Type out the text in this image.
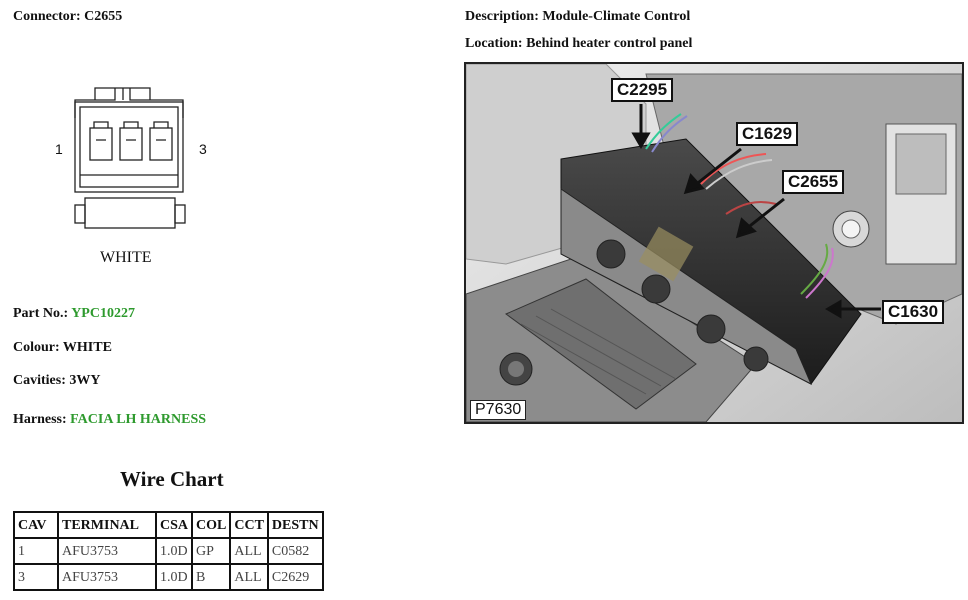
Connector: C2655
1	3
WHITE
Part No.: YPC10227
Colour: WHITE
Cavities: 3WY
Harness: FACIA LH HARNESS
Wire Chart
CAV	TERMINAL	CSA	COL	CCT	DESTN
1	AFU3753	1.0D	GP	ALL	C0582
3	AFU3753	1.0D	B	ALL	C2629
Description: Module-Climate Control
Location: Behind heater control panel
C2295
C1629
C2655
C1630
P7630
